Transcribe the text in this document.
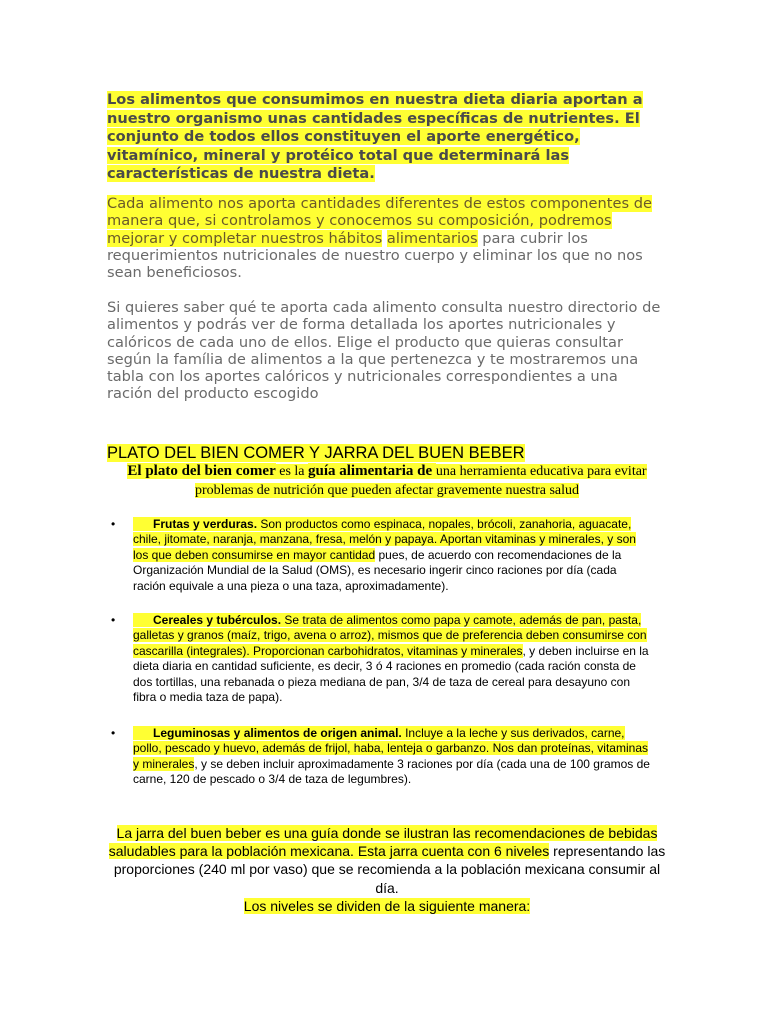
Los alimentos que consumimos en nuestra dieta diaria aportan a nuestro organismo unas cantidades específicas de nutrientes. El conjunto de todos ellos constituyen el aporte energético, vitamínico, mineral y protéico total que determinará las características de nuestra dieta.

Cada alimento nos aporta cantidades diferentes de estos componentes de manera que, si controlamos y conocemos su composición, podremos mejorar y completar nuestros hábitos alimentarios para cubrir los requerimientos nutricionales de nuestro cuerpo y eliminar los que no nos sean beneficiosos.

Si quieres saber qué te aporta cada alimento consulta nuestro directorio de alimentos y podrás ver de forma detallada los aportes nutricionales y calóricos de cada uno de ellos. Elige el producto que quieras consultar según la família de alimentos a la que pertenezca y te mostraremos una tabla con los aportes calóricos y nutricionales correspondientes a una ración del producto escogido

PLATO DEL BIEN COMER Y JARRA DEL BUEN BEBER

El plato del bien comer es la guía alimentaria de una herramienta educativa para evitar problemas de nutrición que pueden afectar gravemente nuestra salud

•	Frutas y verduras. Son productos como espinaca, nopales, brócoli, zanahoria, aguacate, chile, jitomate, naranja, manzana, fresa, melón y papaya. Aportan vitaminas y minerales, y son los que deben consumirse en mayor cantidad pues, de acuerdo con recomendaciones de la Organización Mundial de la Salud (OMS), es necesario ingerir cinco raciones por día (cada ración equivale a una pieza o una taza, aproximadamente).
•	Cereales y tubérculos. Se trata de alimentos como papa y camote, además de pan, pasta, galletas y granos (maíz, trigo, avena o arroz), mismos que de preferencia deben consumirse con cascarilla (integrales). Proporcionan carbohidratos, vitaminas y minerales, y deben incluirse en la dieta diaria en cantidad suficiente, es decir, 3 ó 4 raciones en promedio (cada ración consta de dos tortillas, una rebanada o pieza mediana de pan, 3/4 de taza de cereal para desayuno con fibra o media taza de papa).
•	Leguminosas y alimentos de origen animal. Incluye a la leche y sus derivados, carne, pollo, pescado y huevo, además de frijol, haba, lenteja o garbanzo. Nos dan proteínas, vitaminas y minerales, y se deben incluir aproximadamente 3 raciones por día (cada una de 100 gramos de carne, 120 de pescado o 3/4 de taza de legumbres).

La jarra del buen beber es una guía donde se ilustran las recomendaciones de bebidas saludables para la población mexicana. Esta jarra cuenta con 6 niveles representando las proporciones (240 ml por vaso) que se recomienda a la población mexicana consumir al día.
Los niveles se dividen de la siguiente manera:
